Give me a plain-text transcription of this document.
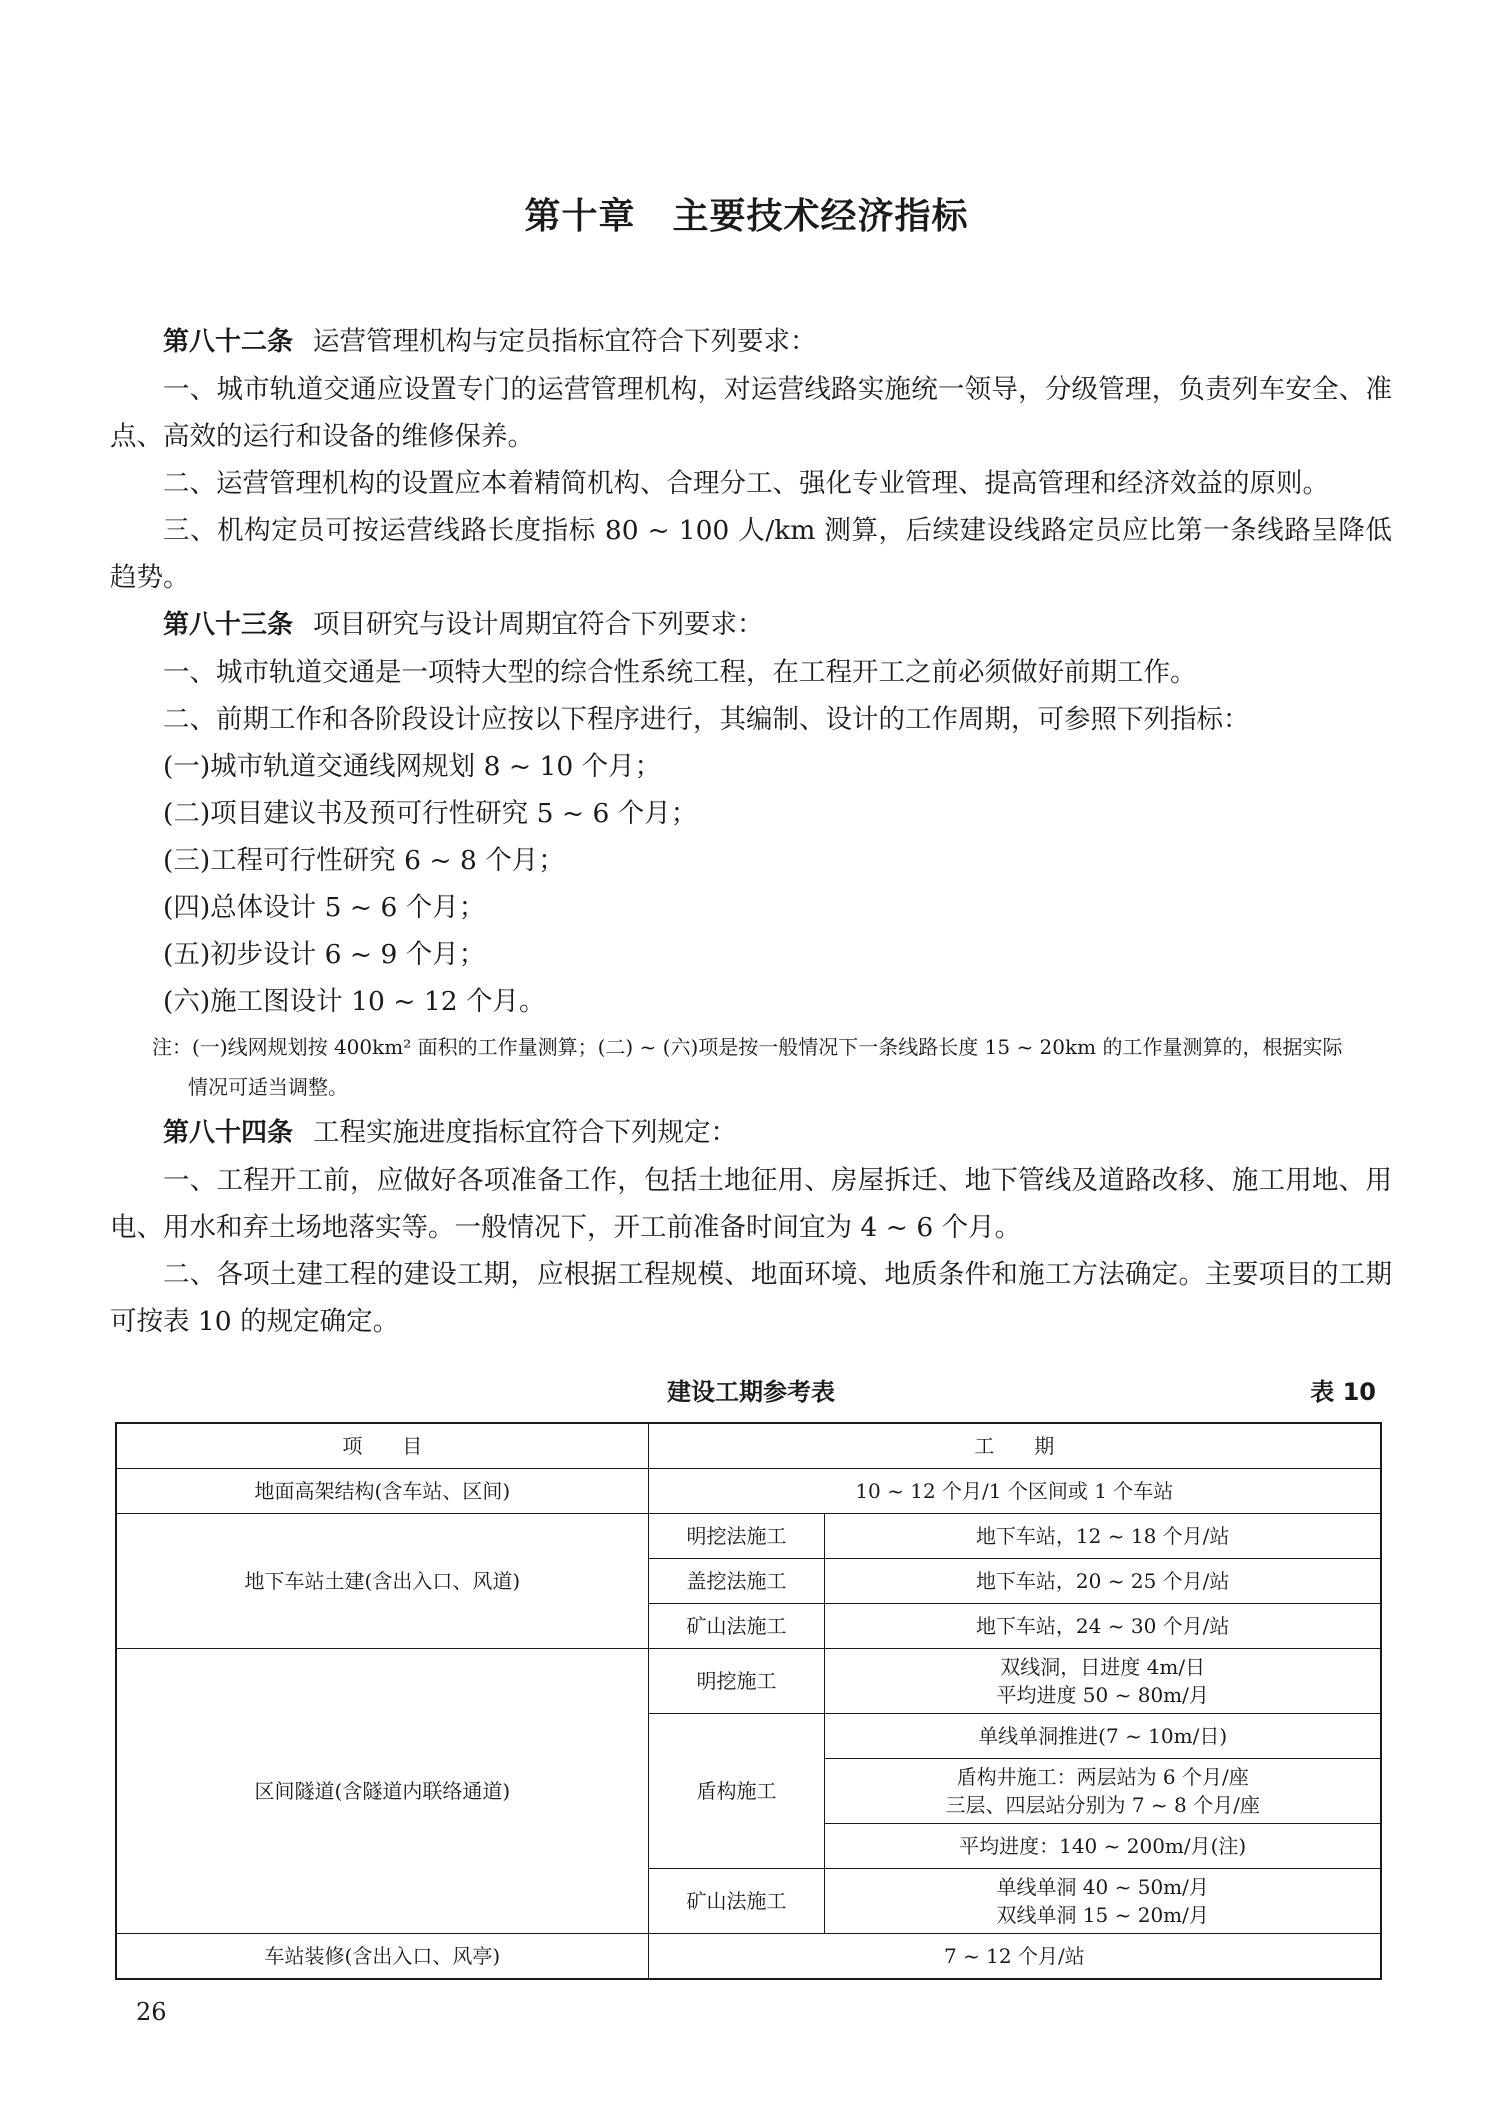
第十章　主要技术经济指标

第八十二条 运营管理机构与定员指标宜符合下列要求：

一、城市轨道交通应设置专门的运营管理机构，对运营线路实施统一领导，分级管理，负责列车安全、准点、高效的运行和设备的维修保养。

二、运营管理机构的设置应本着精简机构、合理分工、强化专业管理、提高管理和经济效益的原则。

三、机构定员可按运营线路长度指标 80 ~ 100 人/km 测算，后续建设线路定员应比第一条线路呈降低趋势。

第八十三条 项目研究与设计周期宜符合下列要求：

一、城市轨道交通是一项特大型的综合性系统工程，在工程开工之前必须做好前期工作。

二、前期工作和各阶段设计应按以下程序进行，其编制、设计的工作周期，可参照下列指标：

(一)城市轨道交通线网规划 8 ~ 10 个月；

(二)项目建议书及预可行性研究 5 ~ 6 个月；

(三)工程可行性研究 6 ~ 8 个月；

(四)总体设计 5 ~ 6 个月；

(五)初步设计 6 ~ 9 个月；

(六)施工图设计 10 ~ 12 个月。

注：(一)线网规划按 400km² 面积的工作量测算；(二) ~ (六)项是按一般情况下一条线路长度 15 ~ 20km 的工作量测算的，根据实际
情况可适当调整。

第八十四条 工程实施进度指标宜符合下列规定：

一、工程开工前，应做好各项准备工作，包括土地征用、房屋拆迁、地下管线及道路改移、施工用地、用电、用水和弃土场地落实等。一般情况下，开工前准备时间宜为 4 ~ 6 个月。

二、各项土建工程的建设工期，应根据工程规模、地面环境、地质条件和施工方法确定。主要项目的工期可按表 10 的规定确定。

建设工期参考表	表 10
项　　目	工　　期	
地面高架结构(含车站、区间)	10 ~ 12 个月/1 个区间或 1 个车站	
地下车站土建(含出入口、风道)	明挖法施工	地下车站，12 ~ 18 个月/站
	盖挖法施工	地下车站，20 ~ 25 个月/站
	矿山法施工	地下车站，24 ~ 30 个月/站
区间隧道(含隧道内联络通道)	明挖施工	双线洞，日进度 4m/日
平均进度 50 ~ 80m/月

	盾构施工	单线单洞推进(7 ~ 10m/日)

		盾构井施工：两层站为 6 个月/座
三层、四层站分别为 7 ~ 8 个月/座

		平均进度：140 ~ 200m/月(注)
	矿山法施工	单线单洞 40 ~ 50m/月
双线单洞 15 ~ 20m/月

车站装修(含出入口、风亭)	7 ~ 12 个月/站	
26
